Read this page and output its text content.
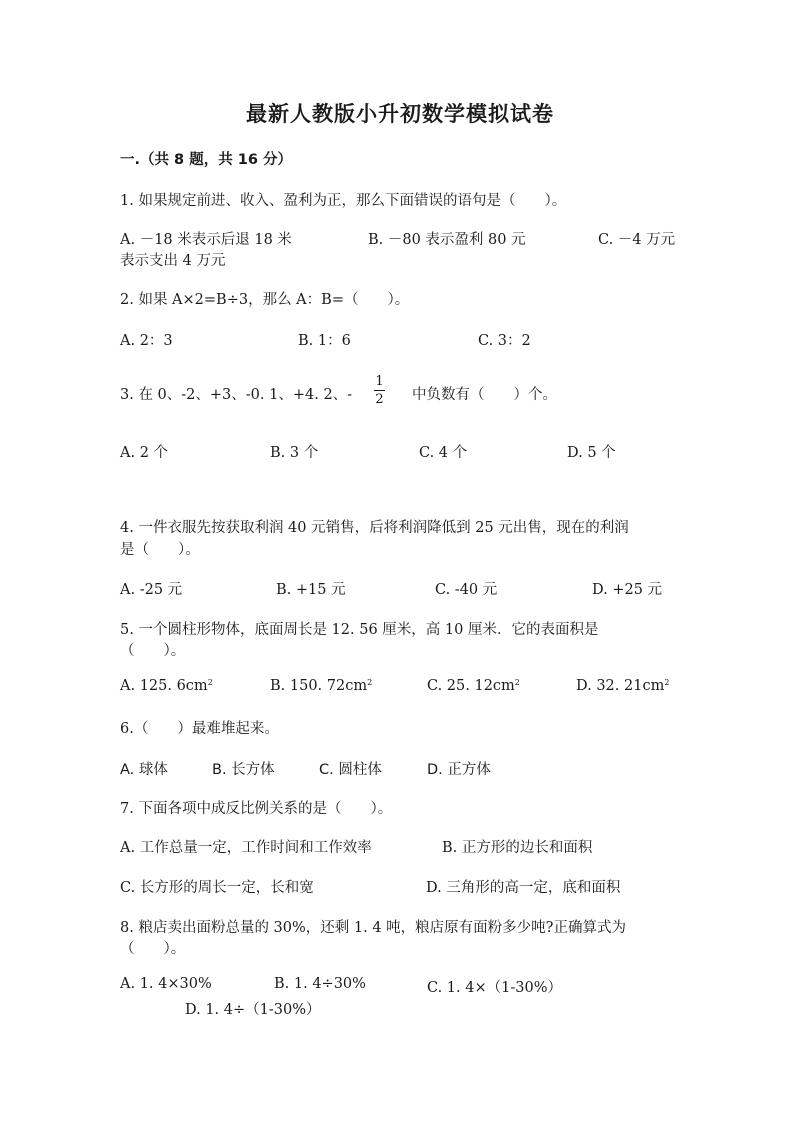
最新人教版小升初数学模拟试卷
一.（共 8 题，共 16 分）
1. 如果规定前进、收入、盈利为正，那么下面错误的语句是（　　）。
A. －18 米表示后退 18 米	B. －80 表示盈利 80 元	C. －4 万元
表示支出 4 万元
2. 如果 A×2=B÷3，那么 A：B=（　　）。
A. 2：3	B. 1：6	C. 3：2
3. 在 0、-2、+3、-0. 1、+4. 2、-
1
2 中负数有（　　）个。
A. 2 个	B. 3 个	C. 4 个	D. 5 个
4. 一件衣服先按获取利润 40 元销售，后将利润降低到 25 元出售，现在的利润
是（　　）。
A. -25 元	B. +15 元	C. -40 元	D. +25 元
5. 一个圆柱形物体，底面周长是 12. 56 厘米，高 10 厘米．它的表面积是
（　　）。
A. 125. $6cm^2$	B. 150. $72cm^2$	C. 25. $12cm^2$	D. 32. $21cm^2$
6.（　　）最难堆起来。
A. 球体	B. 长方体	C. 圆柱体	D. 正方体
7. 下面各项中成反比例关系的是（　　）。
A. 工作总量一定，工作时间和工作效率	B. 正方形的边长和面积
C. 长方形的周长一定，长和宽	D. 三角形的高一定，底和面积
8. 粮店卖出面粉总量的 30%，还剩 1. 4 吨，粮店原有面粉多少吨?正确算式为
（　　）。
A. 1. 4×30%	B. 1. 4÷30%	C. 1. 4×（1-30%）
D. 1. 4÷（1-30%）
